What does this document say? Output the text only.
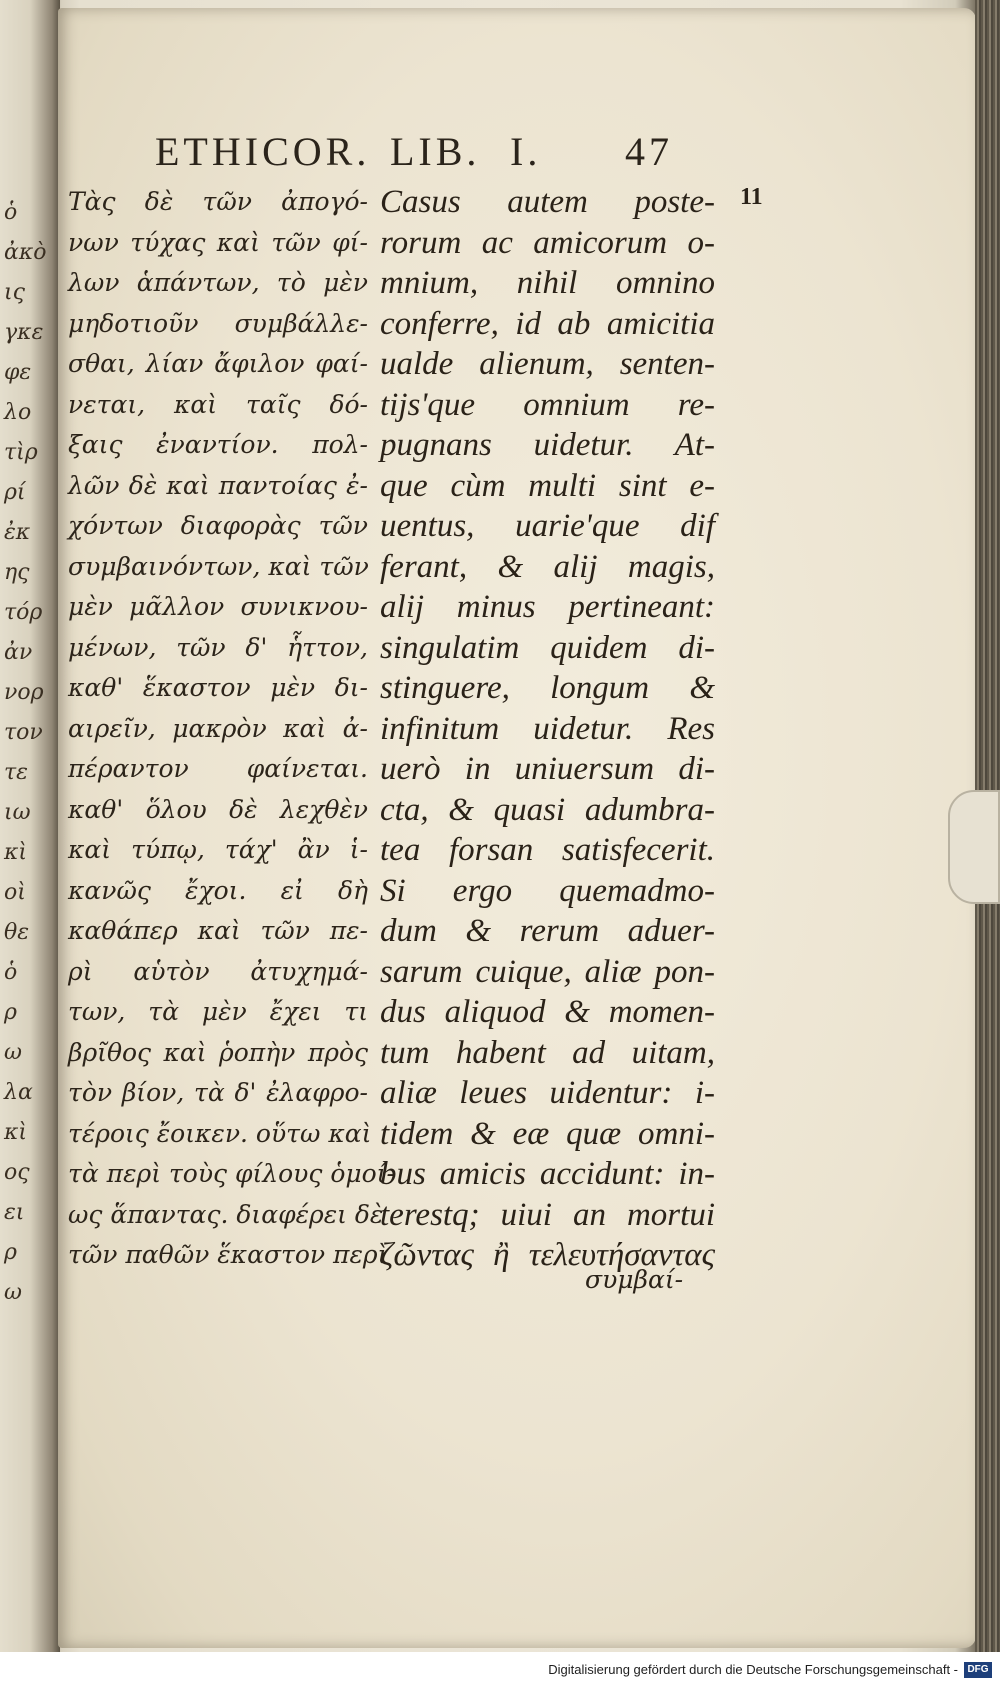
ὁ
ἀκὸ
ις
γκε
φε
λο
τὶρ
ρί
ἐκ
ης
τόρ
ἀν
νορ
τον
τε
ιω
κὶ
οὶ
θε
ὁ
ρ
ω
λα
κὶ
ος
ει
ρ
ω
ETHICOR. LIB. I. 47
11
Τὰς δὲ τῶν ἀπογό-
νων τύχας καὶ τῶν φί-
λων ἁπάντων, τὸ μὲν
μηδοτιοῦν συμβάλλε-
σθαι, λίαν ἄφιλον φαί-
νεται, καὶ ταῖς δό-
ξαις ἐναντίον. πολ-
λῶν δὲ καὶ παντοίας ἐ-
χόντων διαφορὰς τῶν
συμβαινόντων, καὶ τῶν
μὲν μᾶλλον συνικνου-
μένων, τῶν δ' ἧττον,
καθ' ἕκαστον μὲν δι-
αιρεῖν, μακρὸν καὶ ἀ-
πέραντον φαίνεται.
καθ' ὅλου δὲ λεχθὲν
καὶ τύπῳ, τάχ' ἂν ἱ-
κανῶς ἔχοι. εἰ δὴ
καθάπερ καὶ τῶν πε-
ρὶ αὑτὸν ἀτυχημά-
των, τὰ μὲν ἔχει τι
βρῖθος καὶ ῥοπὴν πρὸς
τὸν βίον, τὰ δ' ἐλαφρο-
τέροις ἔοικεν. οὕτω καὶ
τὰ περὶ τοὺς φίλους ὁμοί-
ως ἅπαντας. διαφέρει δὲ
τῶν παθῶν ἕκαστον περὶ
Casus autem poste-
rorum ac amicorum o-
mnium, nihil omnino
conferre, id ab amicitia
ualde alienum, senten-
tijs'que omnium re-
pugnans uidetur. At-
que cùm multi sint e-
uentus, uarie'que dif
ferant, & alij magis,
alij minus pertineant:
singulatim quidem di-
stinguere, longum &
infinitum uidetur. Res
uerò in uniuersum di-
cta, & quasi adumbra-
tea forsan satisfecerit.
Si ergo quemadmo-
dum & rerum aduer-
sarum cuique, aliæ pon-
dus aliquod & momen-
tum habent ad uitam,
aliæ leues uidentur: i-
tidem & eæ quæ omni-
bus amicis accidunt: in-
terestq; uiui an mortui
ζῶντας ἢ τελευτήσαντας
συμβαί-
Digitalisierung gefördert durch die Deutsche Forschungsgemeinschaft - DFG
